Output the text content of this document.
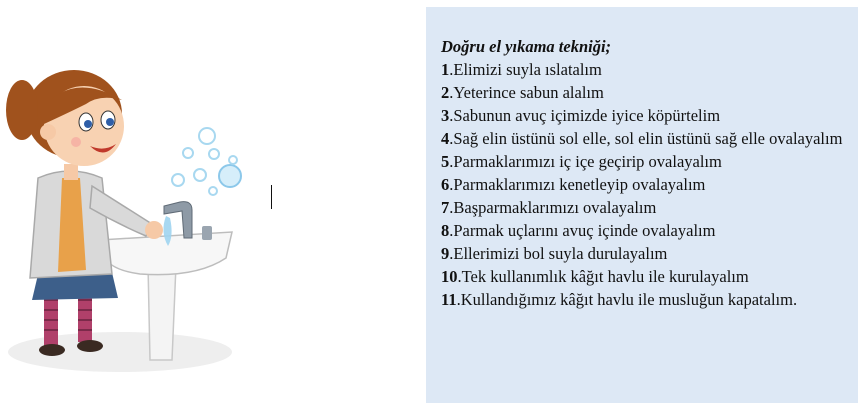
Doğru el yıkama tekniği;

1.Elimizi suyla ıslatalım
2.Yeterince sabun alalım
3.Sabunun avuç içimizde iyice köpürtelim
4.Sağ elin üstünü sol elle, sol elin üstünü sağ elle ovalayalım
5.Parmaklarımızı iç içe geçirip ovalayalım
6.Parmaklarımızı kenetleyip ovalayalım
7.Başparmaklarımızı ovalayalım
8.Parmak uçlarını avuç içinde ovalayalım
9.Ellerimizi bol suyla durulayalım
10.Tek kullanımlık kâğıt havlu ile kurulayalım
11.Kullandığımız kâğıt havlu ile musluğun kapatalım.
